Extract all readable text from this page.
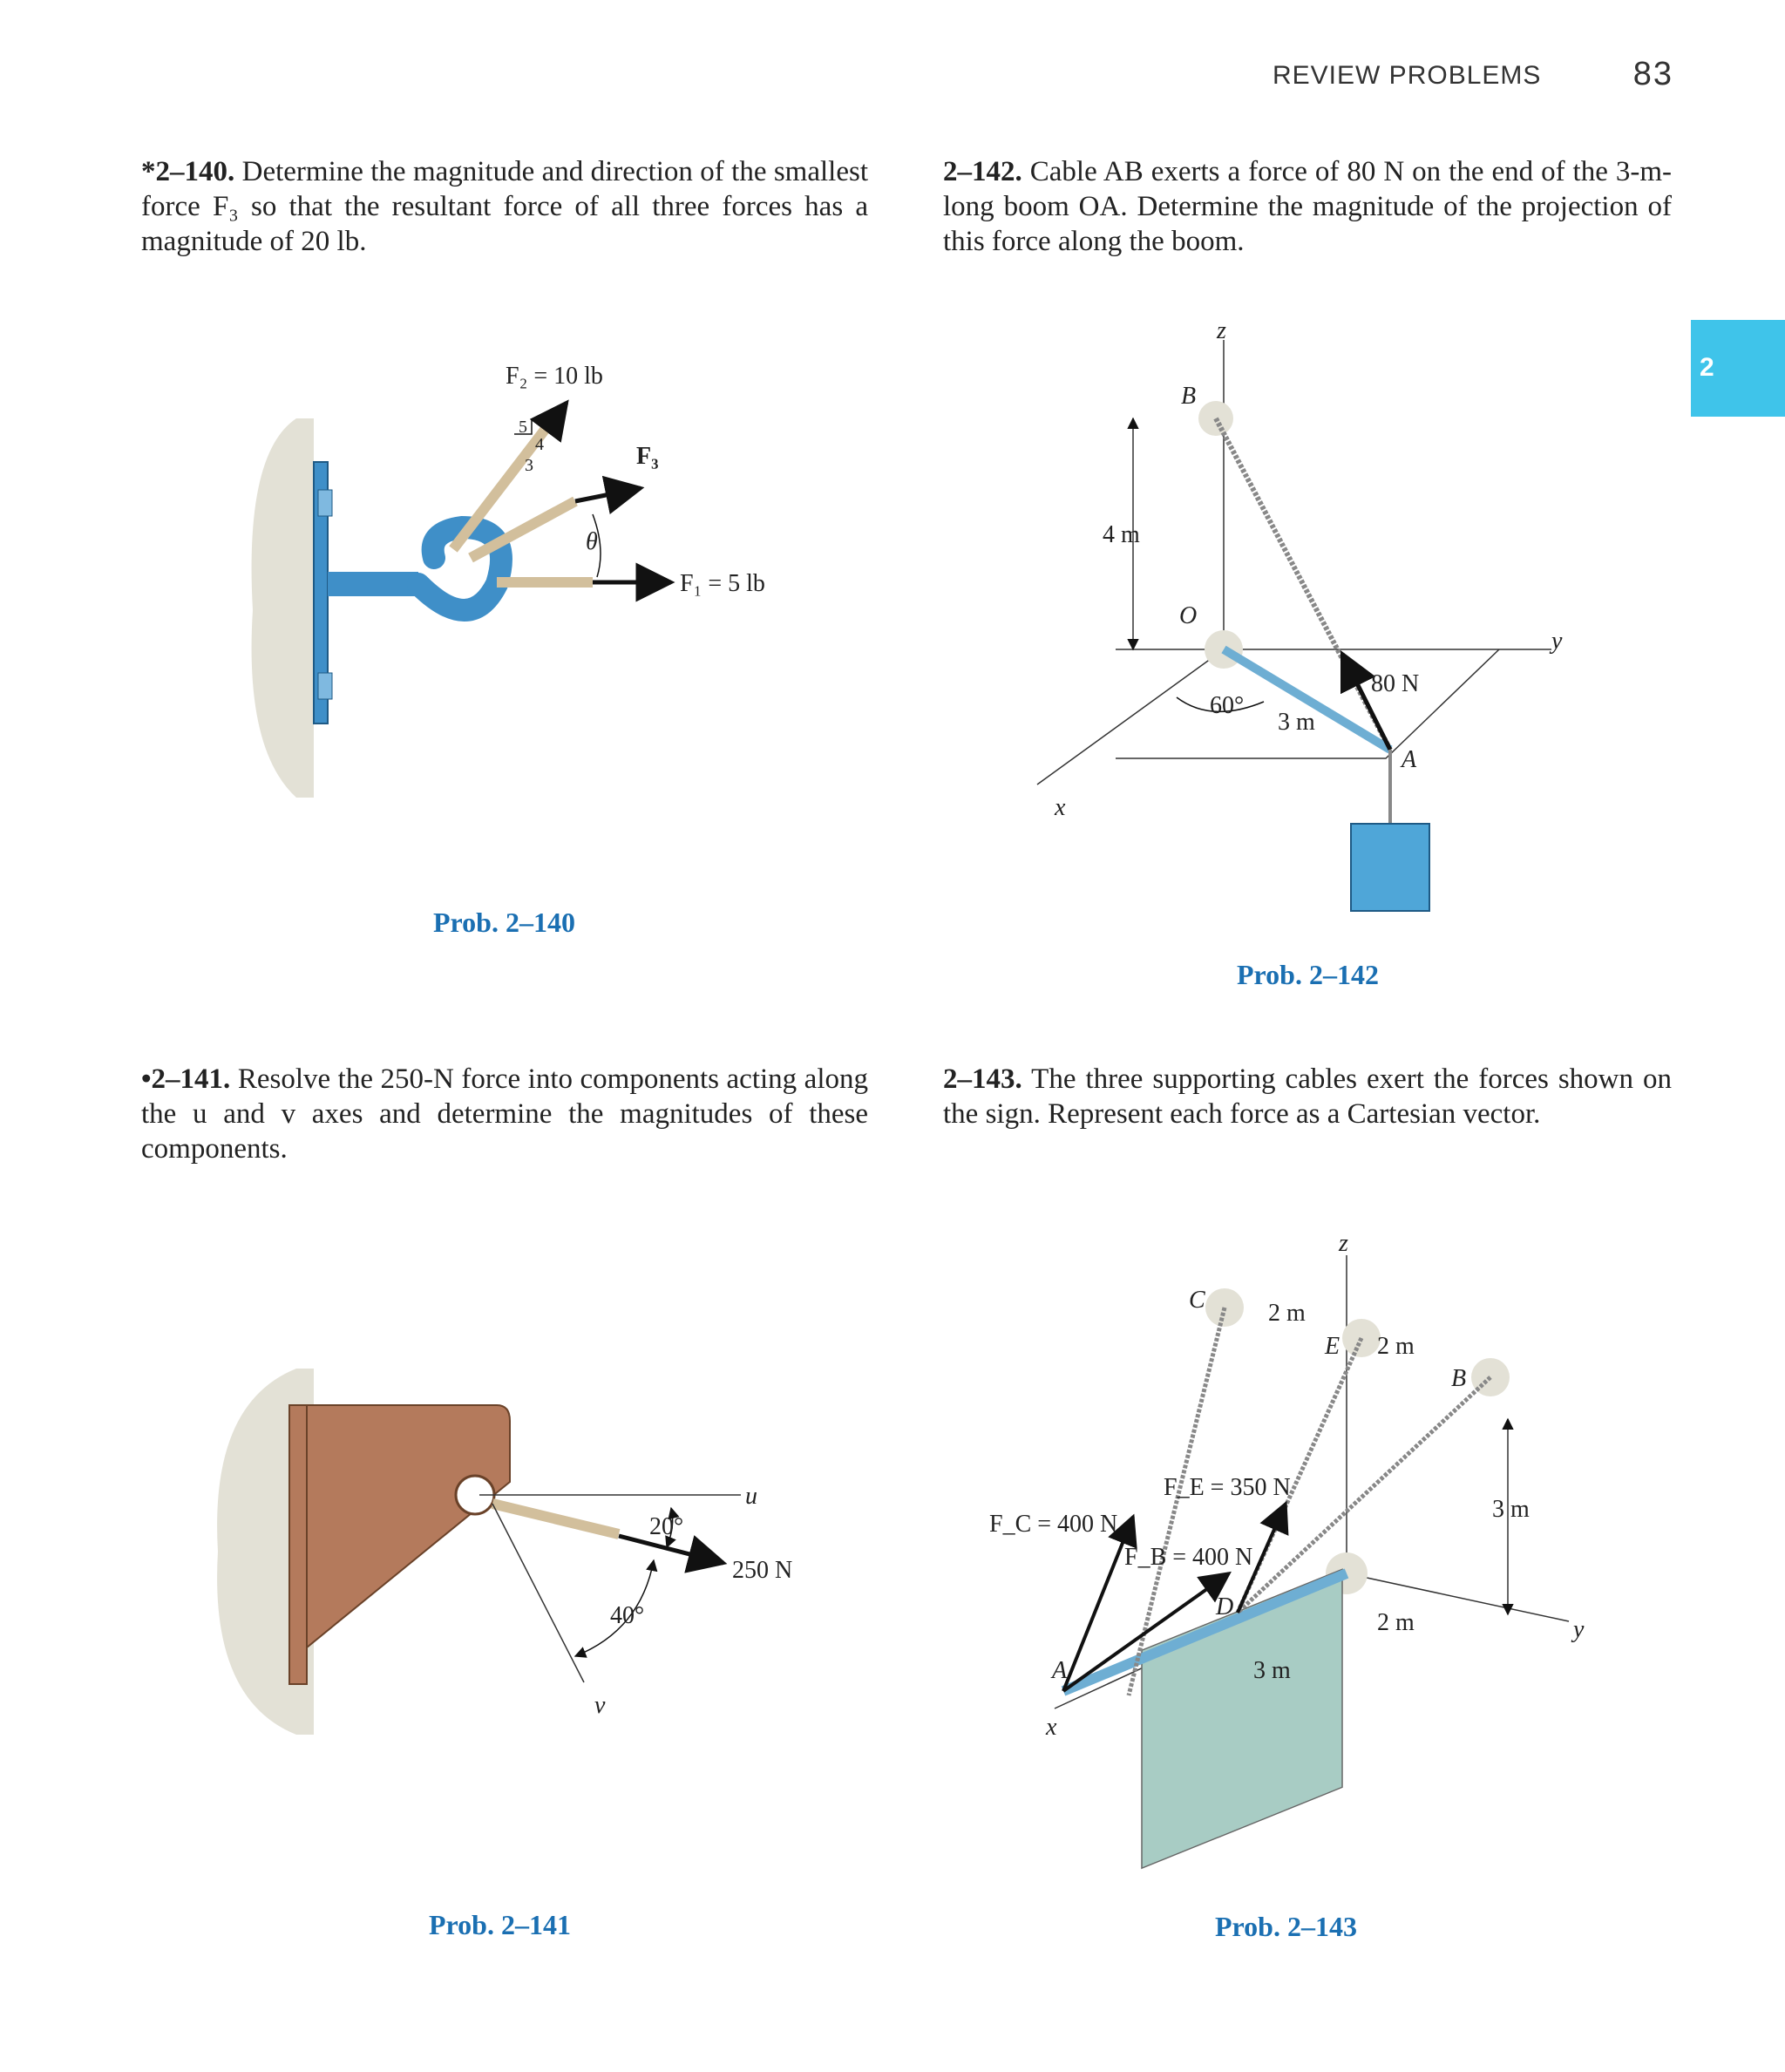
REVIEW PROBLEMS	83
2
*2–140. Determine the magnitude and direction of the smallest force F₃ so that the resultant force of all three forces has a magnitude of 20 lb.
2–142. Cable AB exerts a force of 80 N on the end of the 3-m-long boom OA. Determine the magnitude of the projection of this force along the boom.
•2–141. Resolve the 250-N force into components acting along the u and v axes and determine the magnitudes of these components.
2–143. The three supporting cables exert the forces shown on the sign. Represent each force as a Cartesian vector.
F₂ = 10 lb
5
4
3	F₃
θ
F₁ = 5 lb
z
B
4 m
O
y
80 N
60°
3 m
A
x
u
20°
250 N
40°
v
z
C	2 m
E 2 m
B
F_E = 350 N
3 m
F_C = 400 N
F_B = 400 N
D
2 m	y
A	3 m
x
Prob. 2–140
Prob. 2–142
Prob. 2–141	Prob. 2–143
